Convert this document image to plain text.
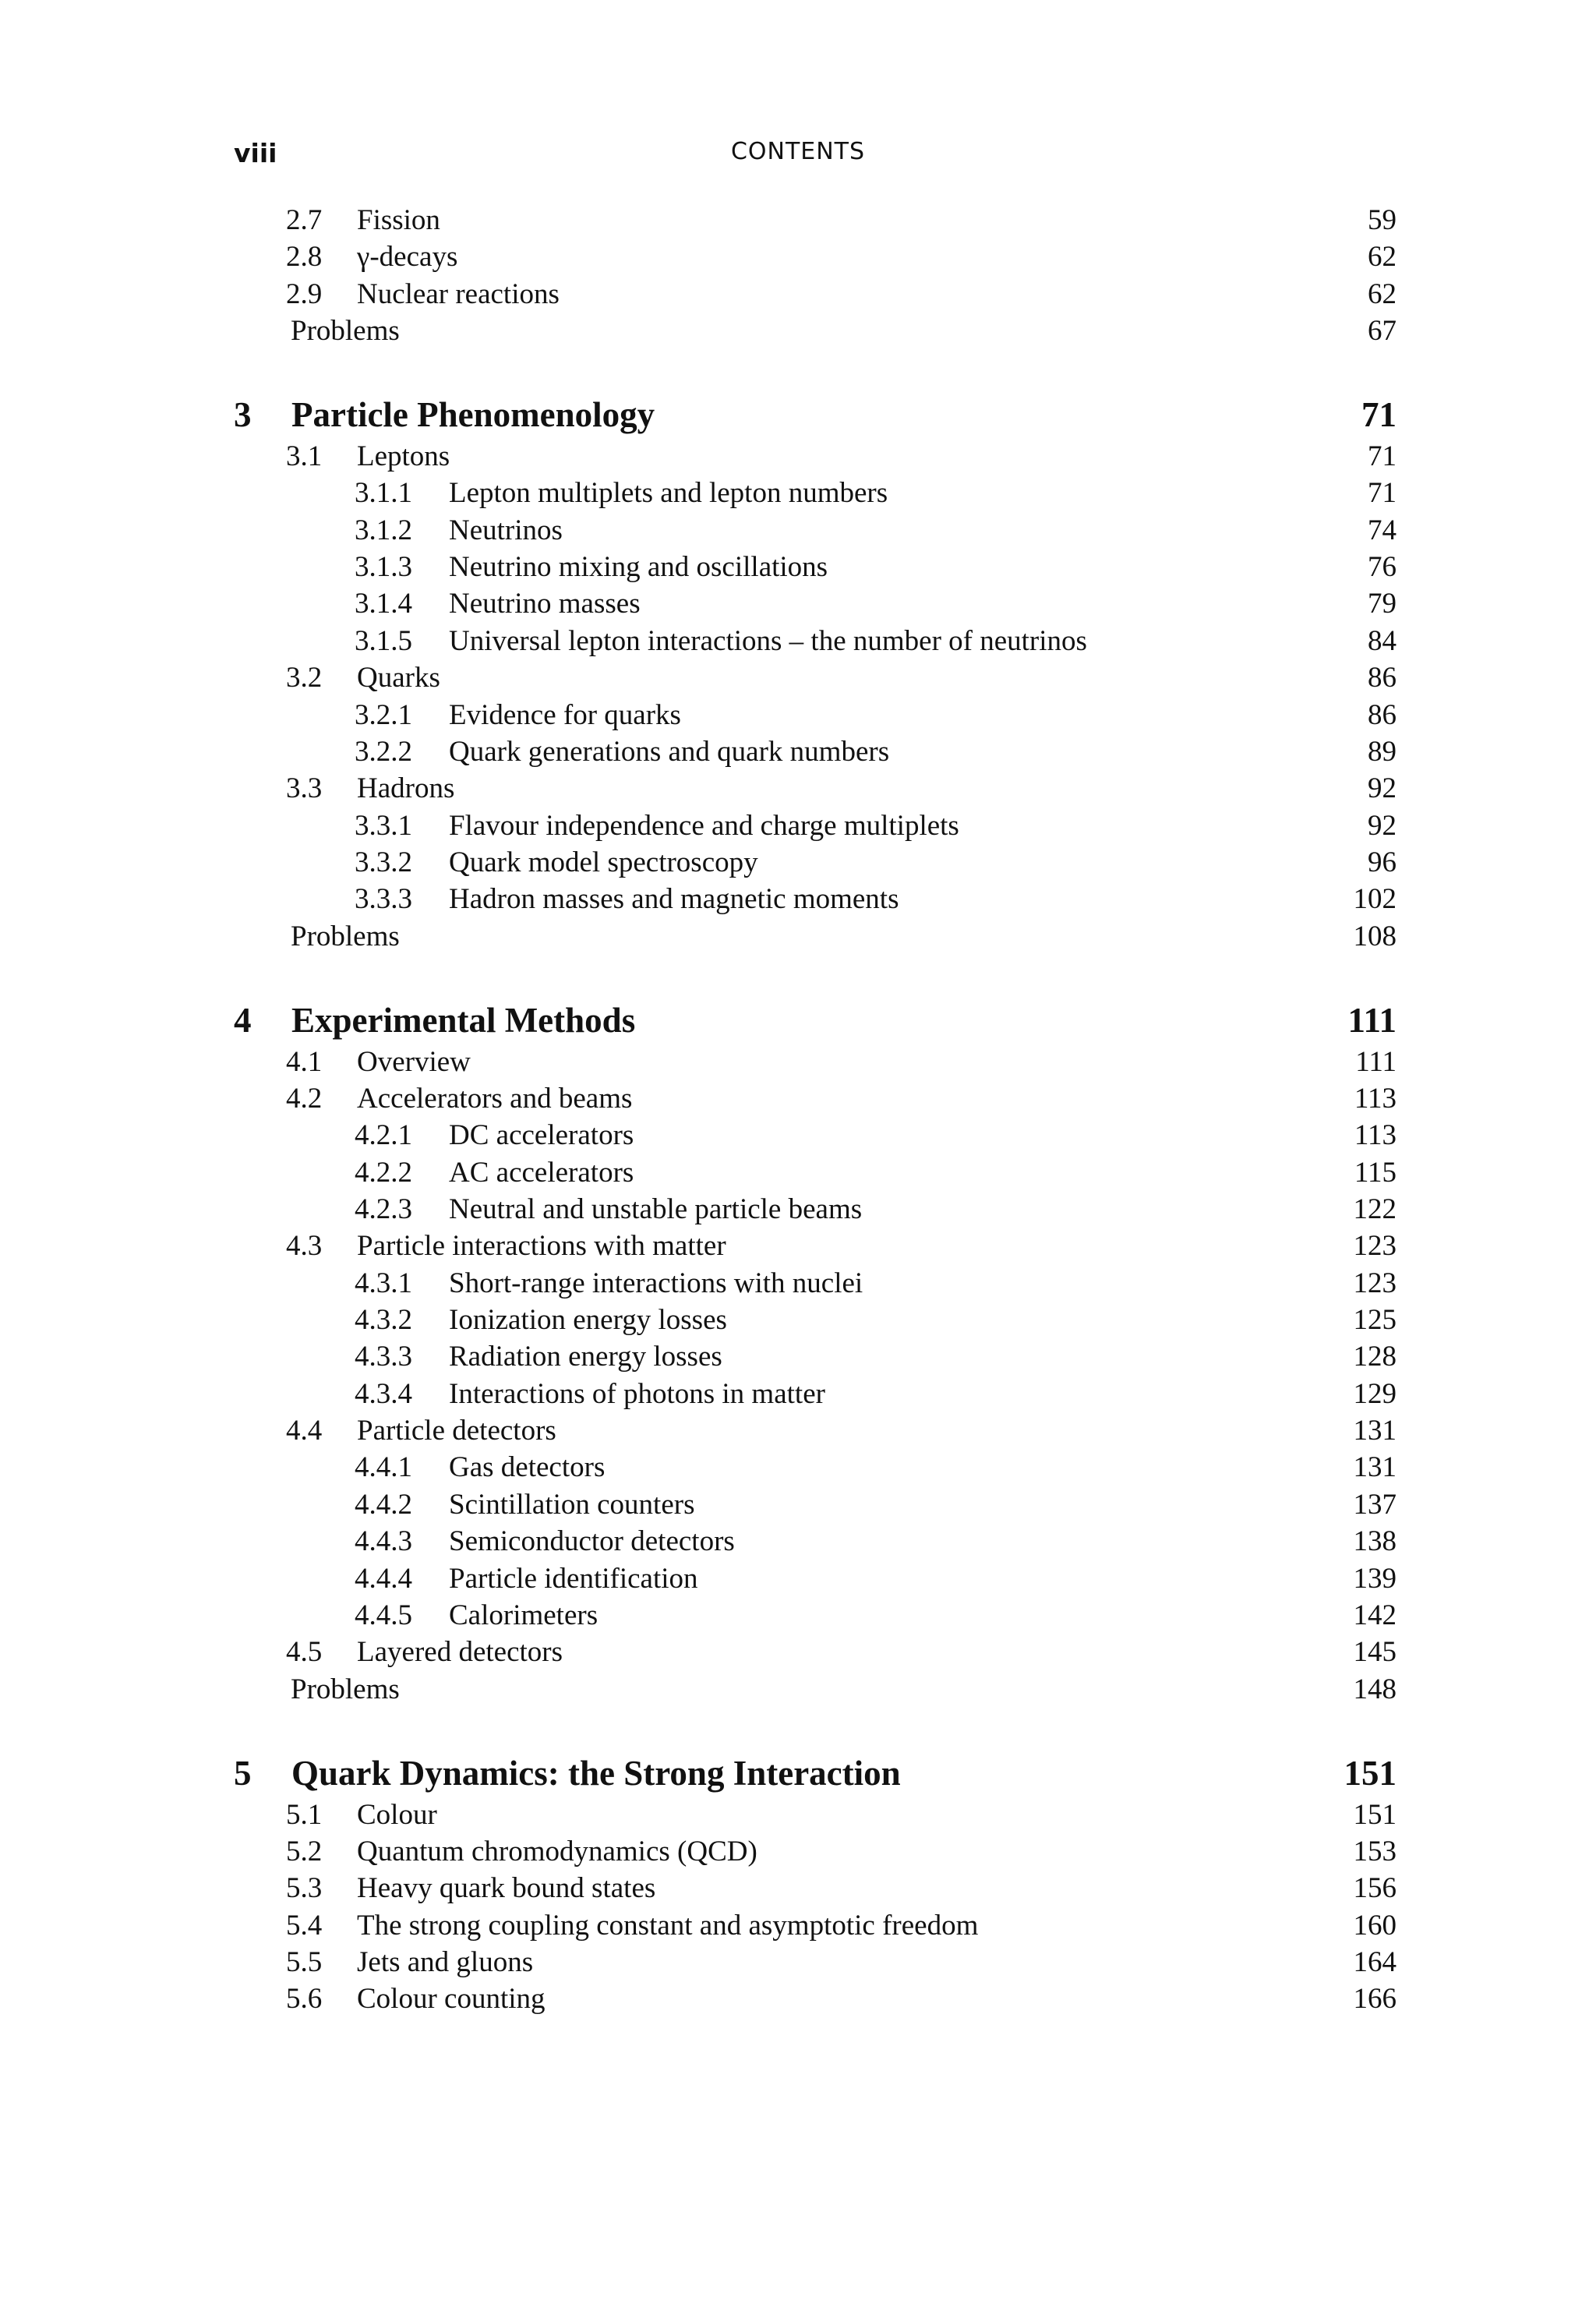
viii	CONTENTS
2.7 Fission	59
2.8 γ-decays	62
2.9 Nuclear reactions	62
Problems	67
3 Particle Phenomenology	71
3.1 Leptons	71
3.1.1 Lepton multiplets and lepton numbers	71
3.1.2 Neutrinos	74
3.1.3 Neutrino mixing and oscillations	76
3.1.4 Neutrino masses	79
3.1.5 Universal lepton interactions – the number of neutrinos	84
3.2 Quarks	86
3.2.1 Evidence for quarks	86
3.2.2 Quark generations and quark numbers	89
3.3 Hadrons	92
3.3.1 Flavour independence and charge multiplets	92
3.3.2 Quark model spectroscopy	96
3.3.3 Hadron masses and magnetic moments	102
Problems	108
4 Experimental Methods	111
4.1 Overview	111
4.2 Accelerators and beams	113
4.2.1 DC accelerators	113
4.2.2 AC accelerators	115
4.2.3 Neutral and unstable particle beams	122
4.3 Particle interactions with matter	123
4.3.1 Short-range interactions with nuclei	123
4.3.2 Ionization energy losses	125
4.3.3 Radiation energy losses	128
4.3.4 Interactions of photons in matter	129
4.4 Particle detectors	131
4.4.1 Gas detectors	131
4.4.2 Scintillation counters	137
4.4.3 Semiconductor detectors	138
4.4.4 Particle identification	139
4.4.5 Calorimeters	142
4.5 Layered detectors	145
Problems	148
5 Quark Dynamics: the Strong Interaction	151
5.1 Colour	151
5.2 Quantum chromodynamics (QCD)	153
5.3 Heavy quark bound states	156
5.4 The strong coupling constant and asymptotic freedom	160
5.5 Jets and gluons	164
5.6 Colour counting	166
